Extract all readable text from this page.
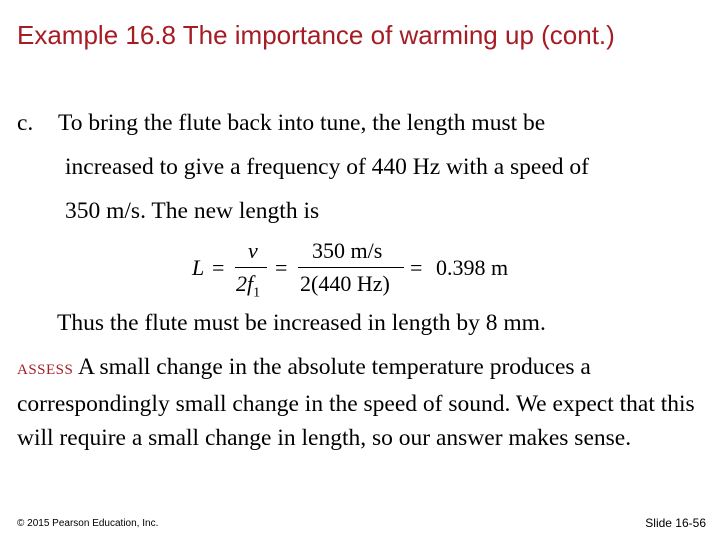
Example 16.8 The importance of warming up (cont.)
c. To bring the flute back into tune, the length must be
increased to give a frequency of 440 Hz with a speed of
350 m/s. The new length is
L =
v
$2f_1$
=
350 m/s
2(440 Hz)
= 0.398 m
Thus the flute must be increased in length by 8 mm.
ASSESS A small change in the absolute temperature produces a correspondingly small change in the speed of sound. We expect that this will require a small change in length, so our answer makes sense.
© 2015 Pearson Education, Inc.	Slide 16-56
